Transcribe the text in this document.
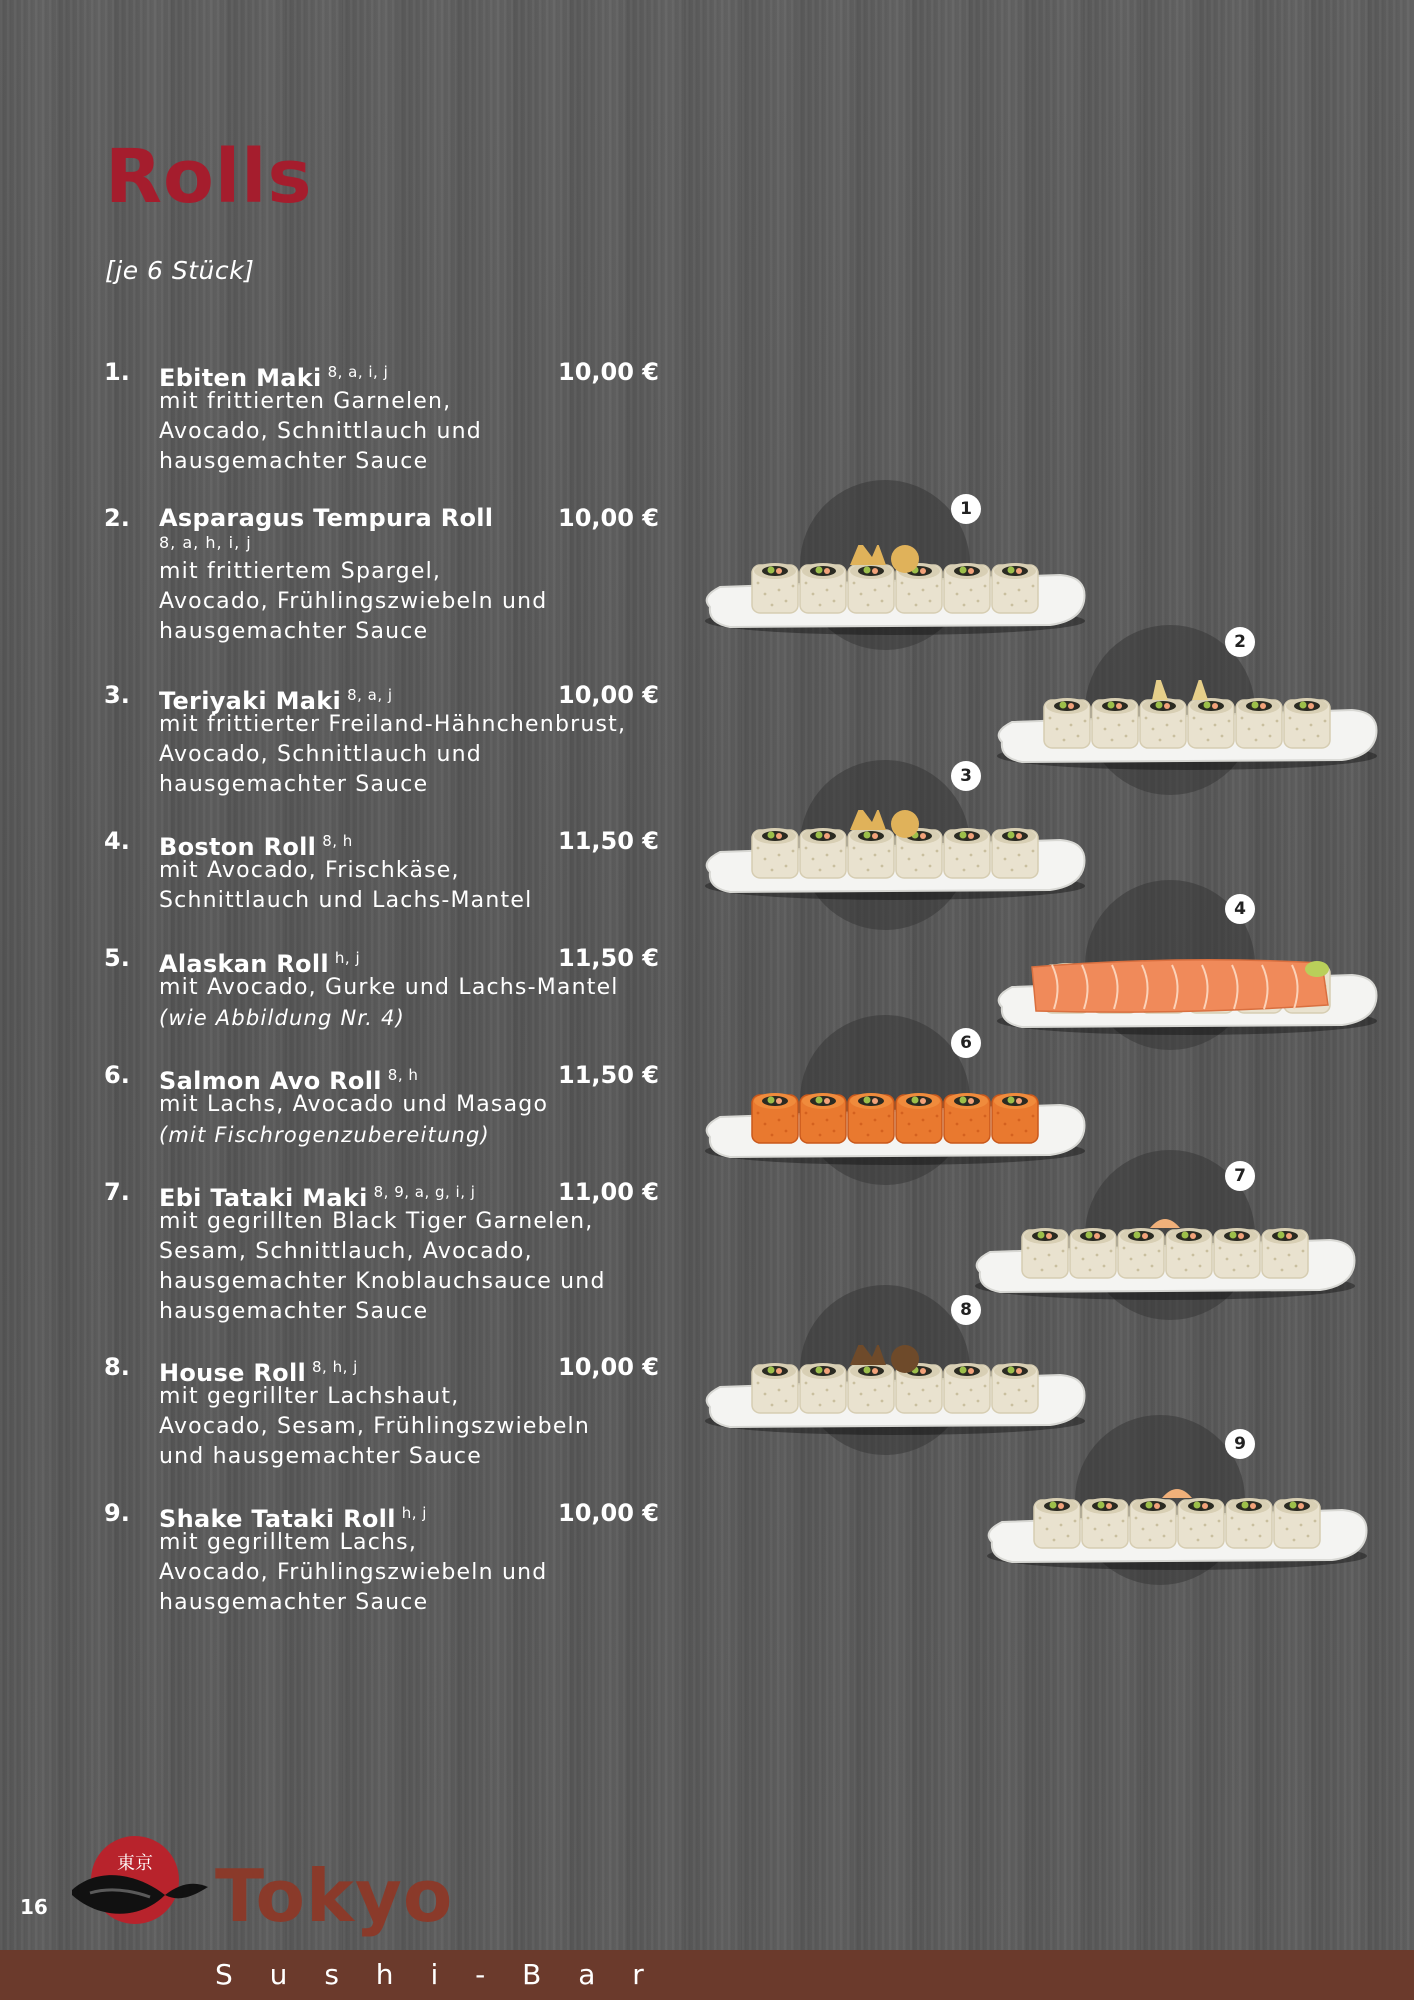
Rolls
[je 6 Stück]
1. Ebiten Maki $^{8, a, i, j}$	10,00 €
mit frittierten Garnelen,
Avocado, Schnittlauch und
hausgemachter Sauce
2. Asparagus Tempura Roll	10,00 €
8, a, h, i, j
mit frittiertem Spargel,
Avocado, Frühlingszwiebeln und
hausgemachter Sauce
3. Teriyaki Maki $^{8, a, j}$	10,00 €
mit frittierter Freiland-Hähnchenbrust,
Avocado, Schnittlauch und
hausgemachter Sauce
4. Boston Roll $^{8, h}$	11,50 €
mit Avocado, Frischkäse,
Schnittlauch und Lachs-Mantel
5. Alaskan Roll $^{h, j}$	11,50 €
mit Avocado, Gurke und Lachs-Mantel
(wie Abbildung Nr. 4)
6. Salmon Avo Roll $^{8, h}$	11,50 €
mit Lachs, Avocado und Masago
(mit Fischrogenzubereitung)
7. Ebi Tataki Maki $^{8, 9, a, g, i, j}$	11,00 €
mit gegrillten Black Tiger Garnelen,
Sesam, Schnittlauch, Avocado,
hausgemachter Knoblauchsauce und
hausgemachter Sauce
8. House Roll $^{8, h, j}$	10,00 €
mit gegrillter Lachshaut,
Avocado, Sesam, Frühlingszwiebeln
und hausgemachter Sauce
9. Shake Tataki Roll $^{h, j}$	10,00 €
mit gegrilltem Lachs,
Avocado, Frühlingszwiebeln und
hausgemachter Sauce
1
2
3
4
6
7
8
9
16
東京 Tokyo
S u s h i - B a r
